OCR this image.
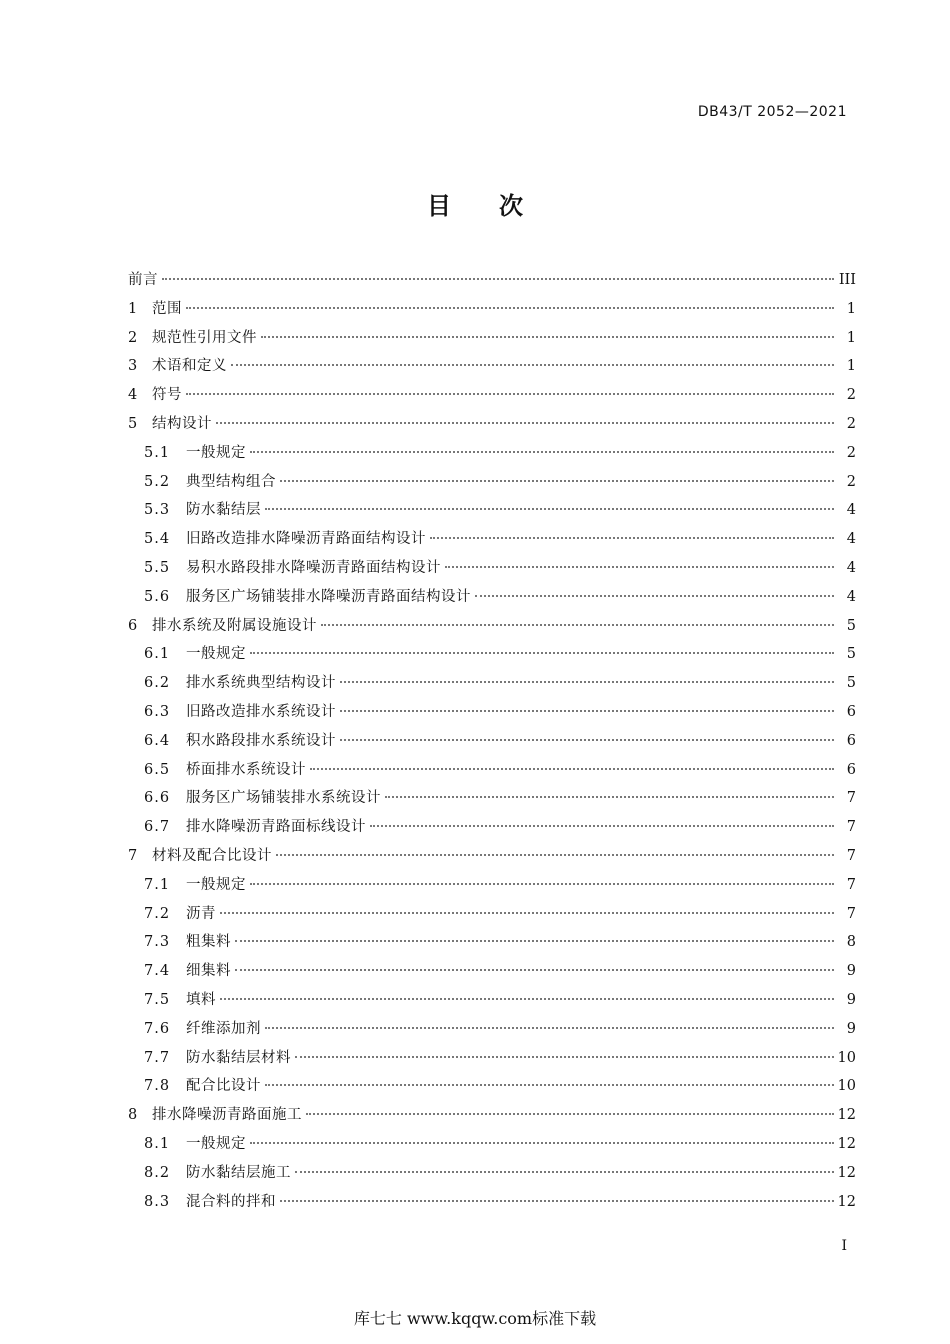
DB43/T 2052—2021
目 次
前言	III
1	范围	1
2	规范性引用文件	1
3	术语和定义	1
4	符号	2
5	结构设计	2
5.1	一般规定	2
5.2	典型结构组合	2
5.3	防水黏结层	4
5.4	旧路改造排水降噪沥青路面结构设计	4
5.5	易积水路段排水降噪沥青路面结构设计	4
5.6	服务区广场铺装排水降噪沥青路面结构设计	4
6	排水系统及附属设施设计	5
6.1	一般规定	5
6.2	排水系统典型结构设计	5
6.3	旧路改造排水系统设计	6
6.4	积水路段排水系统设计	6
6.5	桥面排水系统设计	6
6.6	服务区广场铺装排水系统设计	7
6.7	排水降噪沥青路面标线设计	7
7	材料及配合比设计	7
7.1	一般规定	7
7.2	沥青	7
7.3	粗集料	8
7.4	细集料	9
7.5	填料	9
7.6	纤维添加剂	9
7.7	防水黏结层材料	10
7.8	配合比设计	10
8	排水降噪沥青路面施工	12
8.1	一般规定	12
8.2	防水黏结层施工	12
8.3	混合料的拌和	12
I
库七七 www.kqqw.com标准下载
